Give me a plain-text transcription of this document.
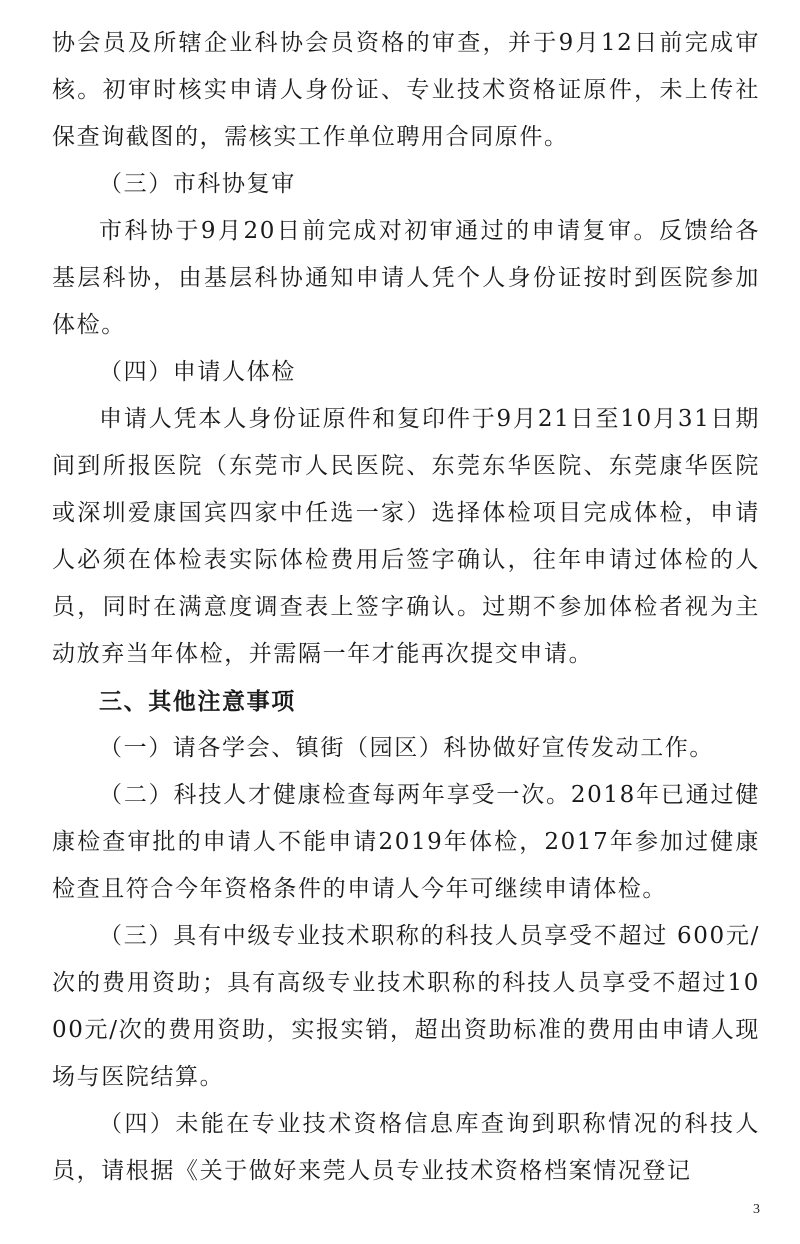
协会员及所辖企业科协会员资格的审查，并于9月12日前完成审核。初审时核实申请人身份证、专业技术资格证原件，未上传社保查询截图的，需核实工作单位聘用合同原件。

（三）市科协复审

市科协于9月20日前完成对初审通过的申请复审。反馈给各基层科协，由基层科协通知申请人凭个人身份证按时到医院参加体检。

（四）申请人体检

申请人凭本人身份证原件和复印件于9月21日至10月31日期间到所报医院（东莞市人民医院、东莞东华医院、东莞康华医院或深圳爱康国宾四家中任选一家）选择体检项目完成体检，申请人必须在体检表实际体检费用后签字确认，往年申请过体检的人员，同时在满意度调查表上签字确认。过期不参加体检者视为主动放弃当年体检，并需隔一年才能再次提交申请。

三、其他注意事项

（一）请各学会、镇街（园区）科协做好宣传发动工作。

（二）科技人才健康检查每两年享受一次。2018年已通过健康检查审批的申请人不能申请2019年体检，2017年参加过健康检查且符合今年资格条件的申请人今年可继续申请体检。

（三）具有中级专业技术职称的科技人员享受不超过 600元/次的费用资助；具有高级专业技术职称的科技人员享受不超过1000元/次的费用资助，实报实销，超出资助标准的费用由申请人现场与医院结算。

（四）未能在专业技术资格信息库查询到职称情况的科技人员，请根据《关于做好来莞人员专业技术资格档案情况登记

3
